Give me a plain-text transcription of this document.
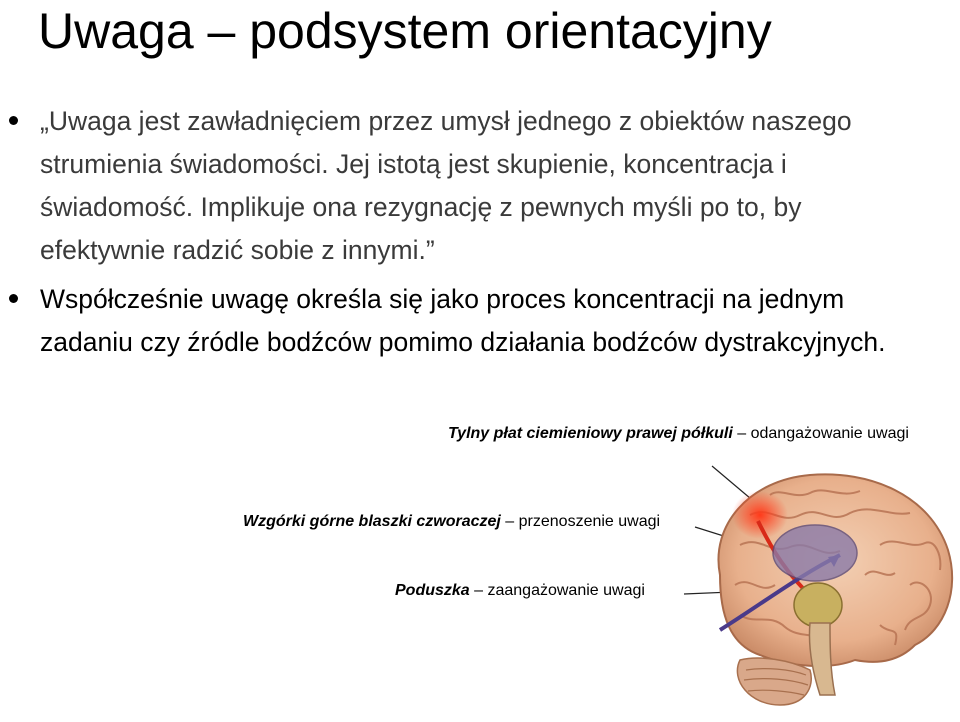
Uwaga – podsystem orientacyjny
„Uwaga jest zawładnięciem przez umysł jednego z obiektów naszego strumienia świadomości. Jej istotą jest skupienie, koncentracja i świadomość. Implikuje ona rezygnację z pewnych myśli po to, by efektywnie radzić sobie z innymi.”
Współcześnie uwagę określa się jako proces koncentracji na jednym zadaniu czy źródle bodźców pomimo działania bodźców dystrakcyjnych.
Tylny płat ciemieniowy prawej półkuli – odangażowanie uwagi
Wzgórki górne blaszki czworaczej – przenoszenie uwagi
Poduszka – zaangażowanie uwagi
